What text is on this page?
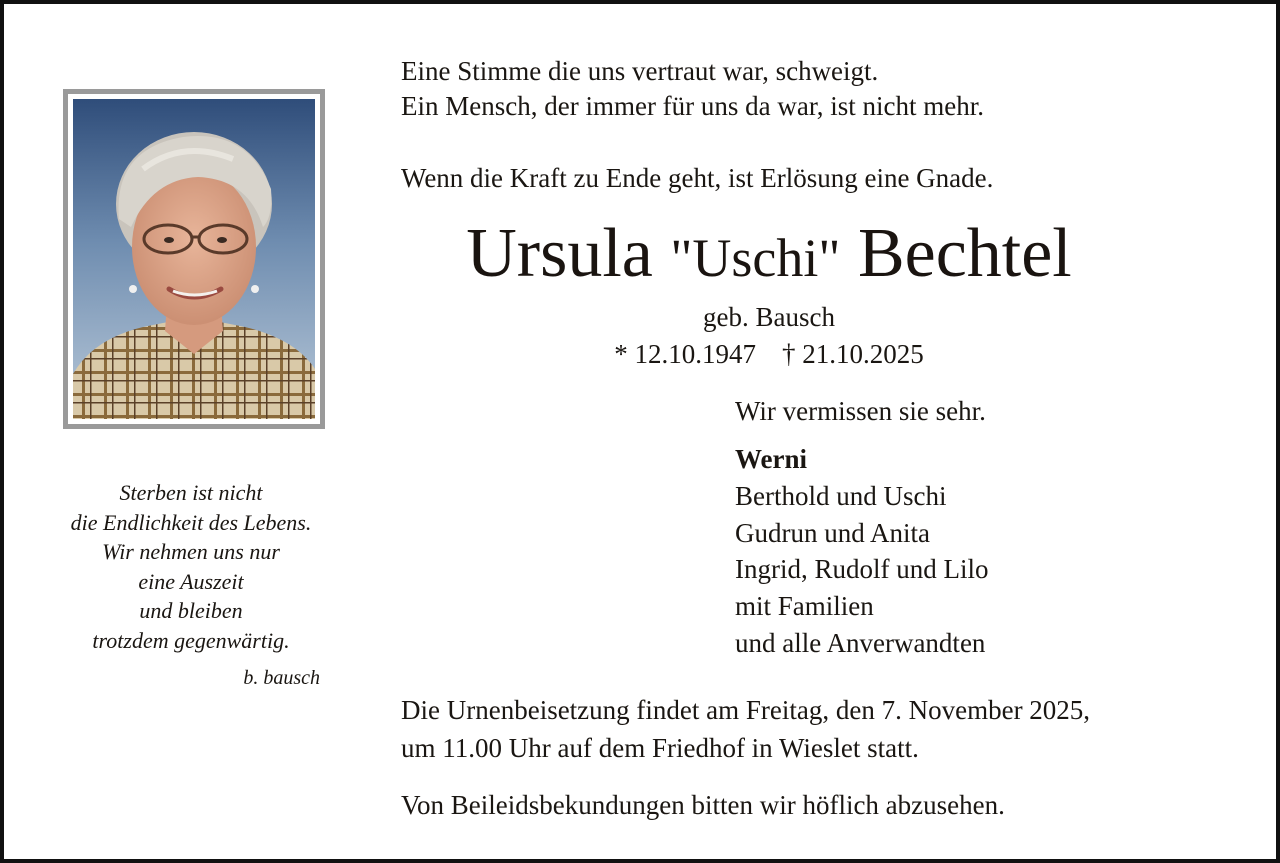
Sterben ist nicht
die Endlichkeit des Lebens.
Wir nehmen uns nur
eine Auszeit
und bleiben
trotzdem gegenwärtig.
b. bausch
Eine Stimme die uns vertraut war, schweigt.
Ein Mensch, der immer für uns da war, ist nicht mehr.
Wenn die Kraft zu Ende geht, ist Erlösung eine Gnade.
Ursula "Uschi" Bechtel
geb. Bausch
* 12.10.1947 † 21.10.2025
Wir vermissen sie sehr.
Werni
Berthold und Uschi
Gudrun und Anita
Ingrid, Rudolf und Lilo
mit Familien
und alle Anverwandten
Die Urnenbeisetzung findet am Freitag, den 7. November 2025,
um 11.00 Uhr auf dem Friedhof in Wieslet statt.
Von Beileidsbekundungen bitten wir höflich abzusehen.
